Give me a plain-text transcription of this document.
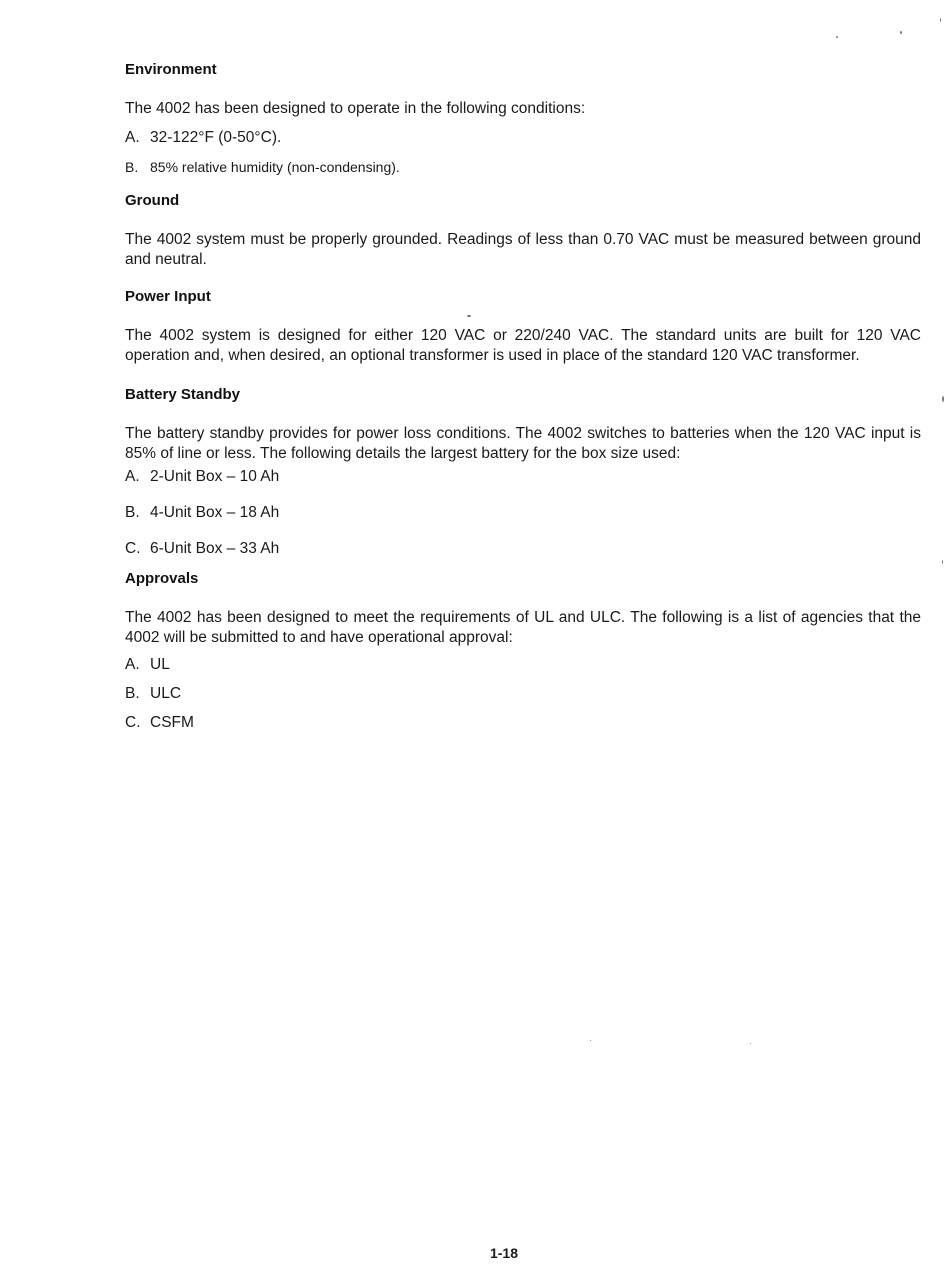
Environment

The 4002 has been designed to operate in the following conditions:

A. 32-122°F (0-50°C).
B. 85% relative humidity (non-condensing).
Ground

The 4002 system must be properly grounded. Readings of less than 0.70 VAC must be measured between ground and neutral.

Power Input

The 4002 system is designed for either 120 VAC or 220/240 VAC. The standard units are built for 120 VAC operation and, when desired, an optional transformer is used in place of the standard 120 VAC transformer.

Battery Standby

The battery standby provides for power loss conditions. The 4002 switches to batteries when the 120 VAC input is 85% of line or less. The following details the largest battery for the box size used:

A. 2-Unit Box – 10 Ah
B. 4-Unit Box – 18 Ah
C. 6-Unit Box – 33 Ah
Approvals

The 4002 has been designed to meet the requirements of UL and ULC. The following is a list of agencies that the 4002 will be submitted to and have operational approval:

A. UL
B. ULC
C. CSFM
1-18
